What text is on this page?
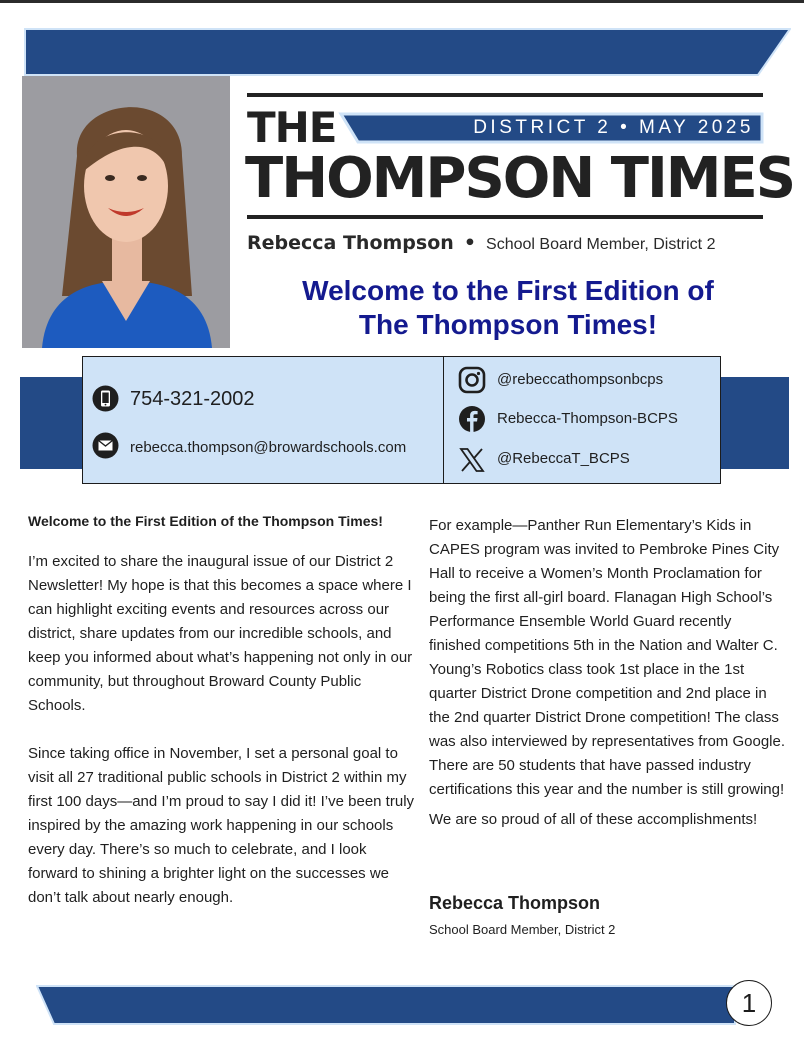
THE	DISTRICT 2 • MAY 2025
THOMPSON TIMES
Rebecca Thompson • School Board Member, District 2
Welcome to the First Edition of
The Thompson Times!
754-321-2002
rebecca.thompson@browardschools.com
@rebeccathompsonbcps
Rebecca-Thompson-BCPS
@RebeccaT_BCPS

Welcome to the First Edition of the Thompson Times!

I’m excited to share the inaugural issue of our District 2 Newsletter! My hope is that this becomes a space where I can highlight exciting events and resources across our district, share updates from our incredible schools, and keep you informed about what’s happening not only in our community, but throughout Broward County Public Schools.

Since taking office in November, I set a personal goal to visit all 27 traditional public schools in District 2 within my first 100 days—and I’m proud to say I did it! I’ve been truly inspired by the amazing work happening in our schools every day. There’s so much to celebrate, and I look forward to shining a brighter light on the successes we don’t talk about nearly enough.

For example—Panther Run Elementary’s Kids in CAPES program was invited to Pembroke Pines City Hall to receive a Women’s Month Proclamation for being the first all-girl board. Flanagan High School’s Performance Ensemble World Guard recently finished competitions 5th in the Nation and Walter C. Young’s Robotics class took 1st place in the 1st quarter District Drone competition and 2nd place in the 2nd quarter District Drone competition! The class was also interviewed by representatives from Google. There are 50 students that have passed industry certifications this year and the number is still growing!

We are so proud of all of these accomplishments!

Rebecca Thompson
School Board Member, District 2
1
